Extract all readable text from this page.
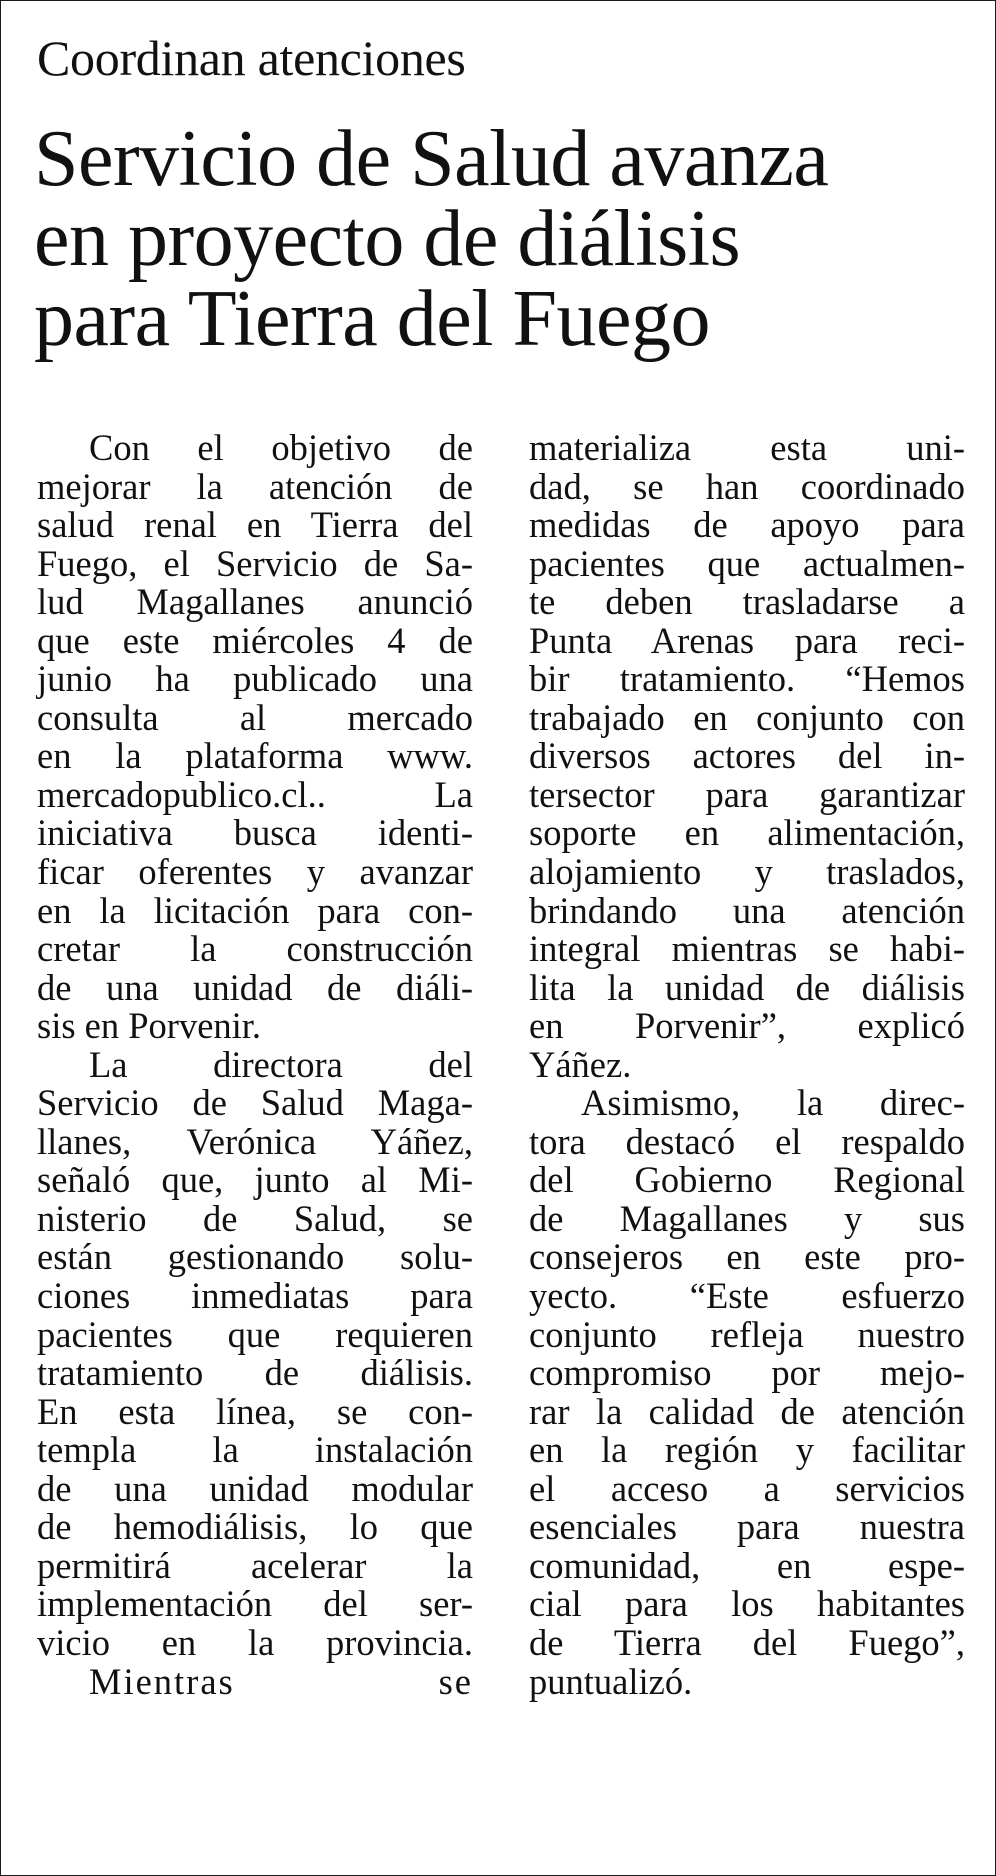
Coordinan atenciones
Servicio de Salud avanza
en proyecto de diálisis
para Tierra del Fuego
Con el objetivo de
mejorar la atención de
salud renal en Tierra del
Fuego, el Servicio de Sa-
lud Magallanes anunció
que este miércoles 4 de
junio ha publicado una
consulta al mercado
en la plataforma www.
mercadopublico.cl.. La
iniciativa busca identi-
ficar oferentes y avanzar
en la licitación para con-
cretar la construcción
de una unidad de diáli-
sis en Porvenir.
La directora del
Servicio de Salud Maga-
llanes, Verónica Yáñez,
señaló que, junto al Mi-
nisterio de Salud, se
están gestionando solu-
ciones inmediatas para
pacientes que requieren
tratamiento de diálisis.
En esta línea, se con-
templa la instalación
de una unidad modular
de hemodiálisis, lo que
permitirá acelerar la
implementación del ser-
vicio en la provincia.
Mientras se
materializa esta uni-
dad, se han coordinado
medidas de apoyo para
pacientes que actualmen-
te deben trasladarse a
Punta Arenas para reci-
bir tratamiento. “Hemos
trabajado en conjunto con
diversos actores del in-
tersector para garantizar
soporte en alimentación,
alojamiento y traslados,
brindando una atención
integral mientras se habi-
lita la unidad de diálisis
en Porvenir”, explicó
Yáñez.
Asimismo, la direc-
tora destacó el respaldo
del Gobierno Regional
de Magallanes y sus
consejeros en este pro-
yecto. “Este esfuerzo
conjunto refleja nuestro
compromiso por mejo-
rar la calidad de atención
en la región y facilitar
el acceso a servicios
esenciales para nuestra
comunidad, en espe-
cial para los habitantes
de Tierra del Fuego”,
puntualizó.
